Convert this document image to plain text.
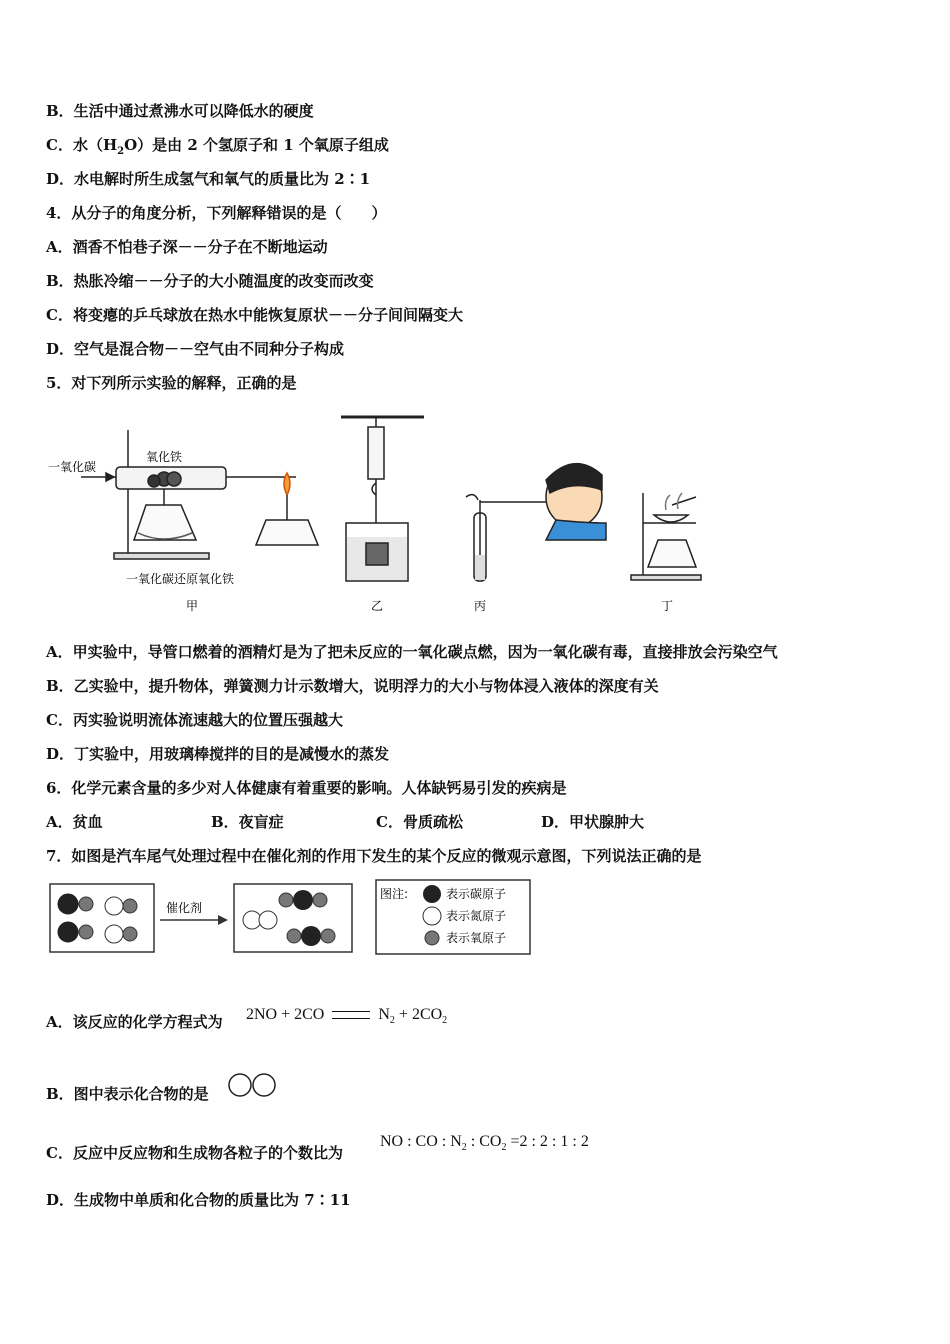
B．生活中通过煮沸水可以降低水的硬度
C．水$(H_2O)$是由 2 个氢原子和 1 个氧原子组成
D．水电解时所生成氢气和氧气的质量比为 2∶1
4．从分子的角度分析，下列解释错误的是（　　）
A．酒香不怕巷子深－－分子在不断地运动
B．热胀冷缩－－分子的大小随温度的改变而改变
C．将变瘪的乒乓球放在热水中能恢复原状－－分子间间隔变大
D．空气是混合物－－空气由不同种分子构成
5．对下列所示实验的解释，正确的是
一氧化碳
氧化铁
一氧化碳还原氧化铁
甲	乙	丙	丁
A．甲实验中，导管口燃着的酒精灯是为了把未反应的一氧化碳点燃，因为一氧化碳有毒，直接排放会污染空气
B．乙实验中，提升物体，弹簧测力计示数增大，说明浮力的大小与物体浸入液体的深度有关
C．丙实验说明流体流速越大的位置压强越大
D．丁实验中，用玻璃棒搅拌的目的是减慢水的蒸发
6．化学元素含量的多少对人体健康有着重要的影响。人体缺钙易引发的疾病是
A．贫血	B．夜盲症	C．骨质疏松	D．甲状腺肿大
7．如图是汽车尾气处理过程中在催化剂的作用下发生的某个反应的微观示意图，下列说法正确的是
催化剂
图注:	表示碳原子
表示氮原子
表示氧原子
A．该反应的化学方程式为 2NO + 2CO	$N_2 + 2CO_2$
B．图中表示化合物的是
C．反应中反应物和生成物各粒子的个数比为
NO : CO : $N_2$ : $CO_2 =2$ : 2 : 1 : 2
D．生成物中单质和化合物的质量比为 7∶11
